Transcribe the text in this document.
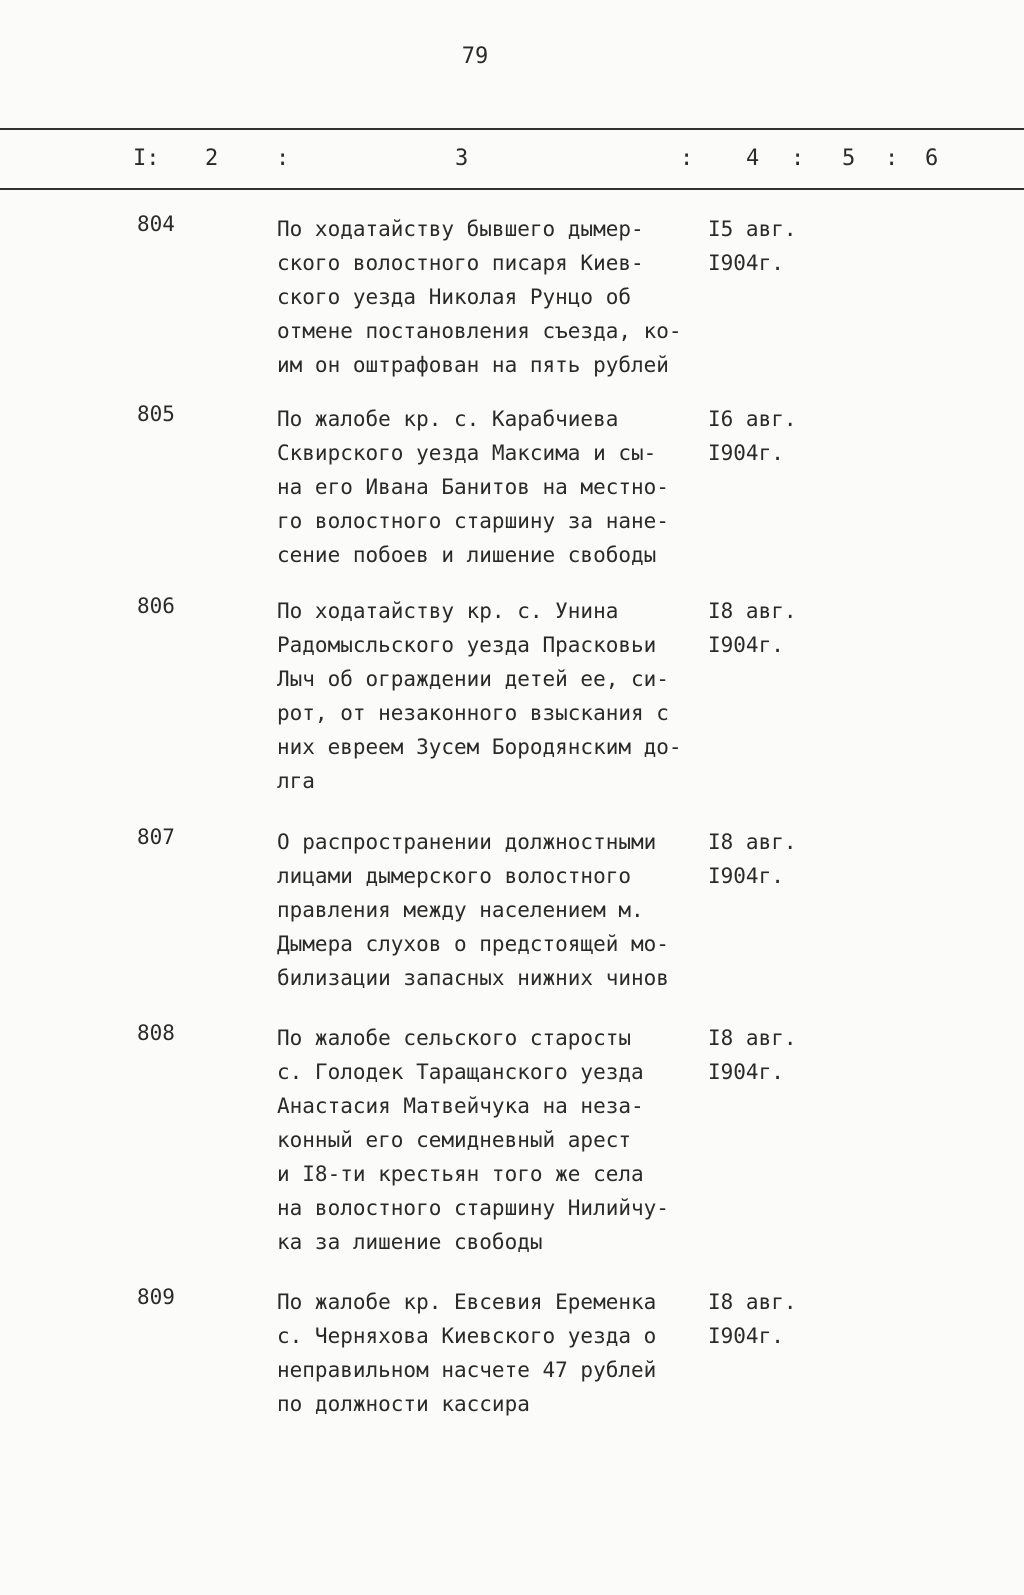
79
I: 2	:	3	: 4 : 5 : 6
804	По ходатайству бывшего дымер-
ского волостного писаря Киев-
ского уезда Николая Рунцо об
отмене постановления съезда, ко-
им он оштрафован на пять рублей
I5 авг.
I904г.
805	По жалобе кр. с. Карабчиева
Сквирского уезда Максима и сы-
на его Ивана Банитов на местно-
го волостного старшину за нане-
сение побоев и лишение свободы
I6 авг.
I904г.
806	По ходатайству кр. с. Унина
Радомысльского уезда Прасковьи
Лыч об ограждении детей ее, си-
рот, от незаконного взыскания с
них евреем Зусем Бородянским до-
лга
I8 авг.
I904г.
807	О распространении должностными
лицами дымерского волостного
правления между населением м.
Дымера слухов о предстоящей мо-
билизации запасных нижних чинов
I8 авг.
I904г.
808	По жалобе сельского старосты
с. Голодек Таращанского уезда
Анастасия Матвейчука на неза-
конный его семидневный арест
и I8-ти крестьян того же села
на волостного старшину Нилийчу-
ка за лишение свободы
I8 авг.
I904г.
809	По жалобе кр. Евсевия Еременка
с. Черняхова Киевского уезда о
неправильном насчете 47 рублей
по должности кассира
I8 авг.
I904г.
